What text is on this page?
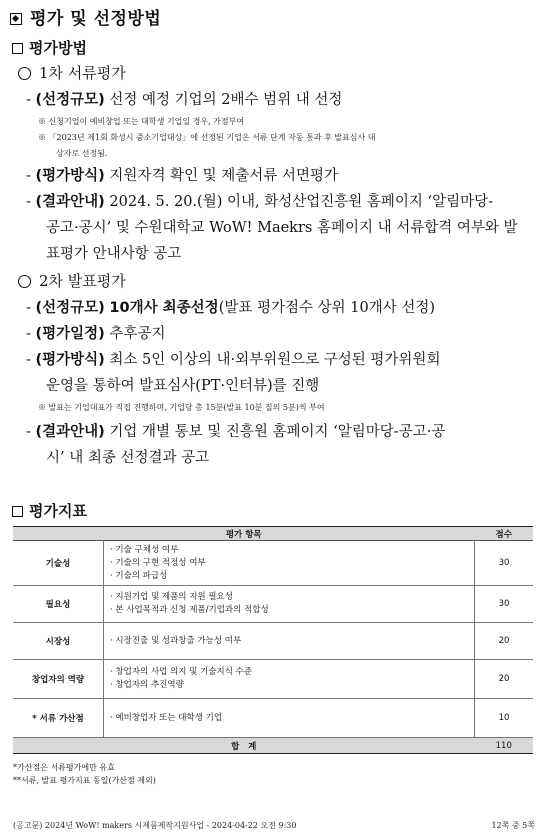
평가 및 선정방법
평가방법
1차 서류평가
- (선정규모) 선정 예정 기업의 2배수 범위 내 선정
※ 신청기업이 예비창업 또는 대학생 기업일 경우, 가점부여
※ 「2023년 제1회 화성시 중소기업대상」에 선정된 기업은 서류 단계 자동 통과 후 발표심사 대
상자로 선정됨.
- (평가방식) 지원자격 확인 및 제출서류 서면평가
- (결과안내) 2024. 5. 20.(월) 이내, 화성산업진흥원 홈페이지 ‘알림마당-
공고·공시’ 및 수원대학교 WoW! Maekrs 홈페이지 내 서류합격 여부와 발
표평가 안내사항 공고
2차 발표평가
- (선정규모) 10개사 최종선정(발표 평가점수 상위 10개사 선정)
- (평가일정) 추후공지
- (평가방식) 최소 5인 이상의 내·외부위원으로 구성된 평가위원회
운영을 통하여 발표심사(PT·인터뷰)를 진행
※ 발표는 기업대표가 직접 진행하며, 기업당 총 15분(발표 10분 질의 5분)씩 부여
- (결과안내) 기업 개별 통보 및 진흥원 홈페이지 ‘알림마당-공고·공
시’ 내 최종 선정결과 공고
평가지표
평가 항목		점수
기술성	· 기술 구체성 여부
· 기술의 구현 적정성 여부
· 기술의 파급성	30
필요성	· 지원기업 및 제품의 지원 필요성
· 본 사업목적과 신청 제품/기업과의 적합성	30
시장성	· 시장진출 및 성과창출 가능성 여부	20
창업자의 역량	· 창업자의 사업 의지 및 기술지식 수준
· 창업자의 추진역량	20
* 서류 가산점	· 예비창업자 또는 대학생 기업	10
합   계		110
*가산점은 서류평가에만 유효
**서류, 발표 평가지표 동일(가산점 제외)
(공고문) 2024년 WoW! makers 시제품제작지원사업 - 2024-04-22 오전 9:30	12쪽 중 5쪽
